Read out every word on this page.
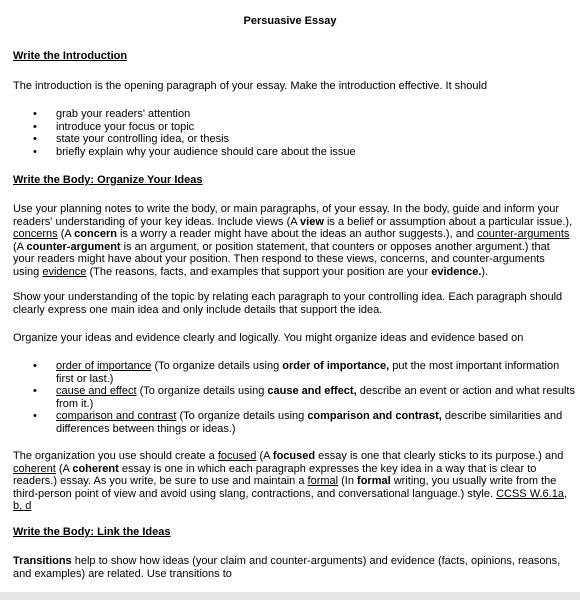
Persuasive Essay
Write the Introduction
The introduction is the opening paragraph of your essay. Make the introduction effective. It should
• grab your readers' attention
• introduce your focus or topic
• state your controlling idea, or thesis
• briefly explain why your audience should care about the issue
Write the Body: Organize Your Ideas
Use your planning notes to write the body, or main paragraphs, of your essay. In the body, guide and inform your
readers' understanding of your key ideas. Include views (A view is a belief or assumption about a particular issue.),
concerns (A concern is a worry a reader might have about the ideas an author suggests.), and counter-arguments
(A counter-argument is an argument, or position statement, that counters or opposes another argument.) that
your readers might have about your position. Then respond to these views, concerns, and counter-arguments
using evidence (The reasons, facts, and examples that support your position are your evidence.).
Show your understanding of the topic by relating each paragraph to your controlling idea. Each paragraph should
clearly express one main idea and only include details that support the idea.
Organize your ideas and evidence clearly and logically. You might organize ideas and evidence based on
• order of importance (To organize details using order of importance, put the most important information
first or last.)
• cause and effect (To organize details using cause and effect, describe an event or action and what results
from it.)
• comparison and contrast (To organize details using comparison and contrast, describe similarities and
differences between things or ideas.)
The organization you use should create a focused (A focused essay is one that clearly sticks to its purpose.) and
coherent (A coherent essay is one in which each paragraph expresses the key idea in a way that is clear to
readers.) essay. As you write, be sure to use and maintain a formal (In formal writing, you usually write from the
third-person point of view and avoid using slang, contractions, and conversational language.) style. CCSS W.6.1a,
b, d
Write the Body: Link the Ideas
Transitions help to show how ideas (your claim and counter-arguments) and evidence (facts, opinions, reasons,
and examples) are related. Use transitions to
